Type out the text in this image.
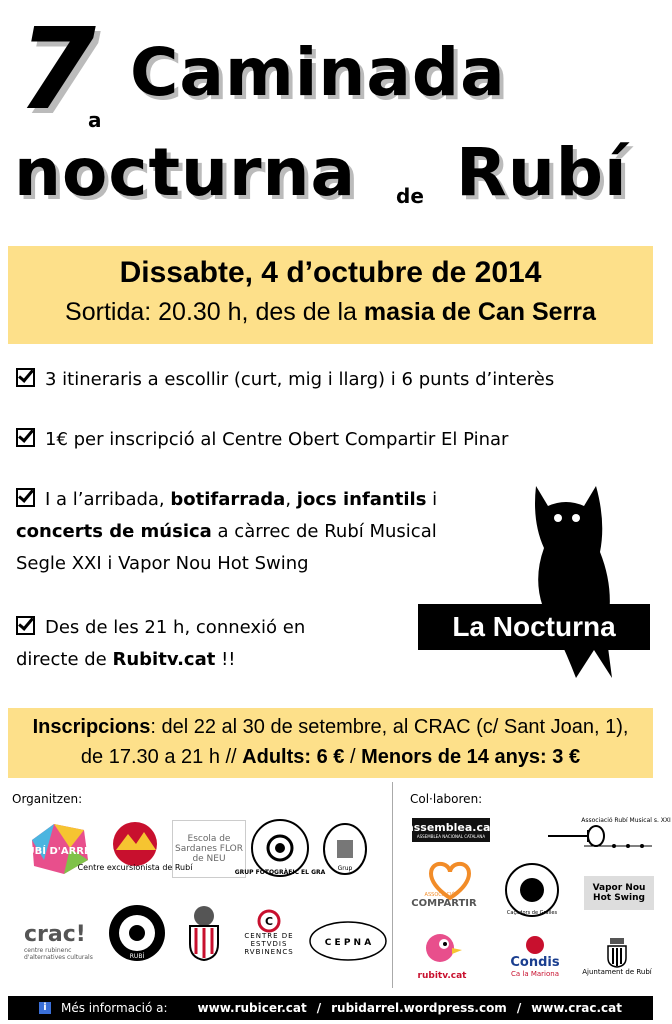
7
a
Caminada
nocturna de Rubí
Dissabte, 4 d’octubre de 2014
Sortida: 20.30 h, des de la masia de Can Serra
3 itineraris a escollir (curt, mig i llarg) i 6 punts d’interès
1€ per inscripció al Centre Obert Compartir El Pinar
I a l’arribada, botifarrada, jocs infantils i
concerts de música a càrrec de Rubí Musical
Segle XXI i Vapor Nou Hot Swing
Des de les 21 h, connexió en
directe de Rubitv.cat !!
La Nocturna
Inscripcions: del 22 al 30 de setembre, al CRAC (c/ Sant Joan, 1),
de 17.30 a 21 h // Adults: 6 € / Menors de 14 anys: 3 €
Organitzen:	Col·laboren:
RUBÍ D'ARREL
Centre excursionista de Rubí
Escola de Sardanes FLOR de NEU
GRUP FOTOGRÀFIC EL GRA
Grup
crac!
centre rubinenc d'alternatives culturals	RUBÍ
C
CENTRE DE ESTVDIS RVBINENCS
C E P N A
assemblea.cat
ASSEMBLEA NACIONAL CATALANA
Associació Rubí Musical s. XXI
ASSOCIACIÓ
COMPARTIR
Caçadors de Gralles
Vapor Nou Hot Swing
rubitv.cat
Condis
Ca la Mariona	Ajuntament de Rubí
i	Més informació a:	www.rubicer.cat / rubidarrel.wordpress.com / www.crac.cat
